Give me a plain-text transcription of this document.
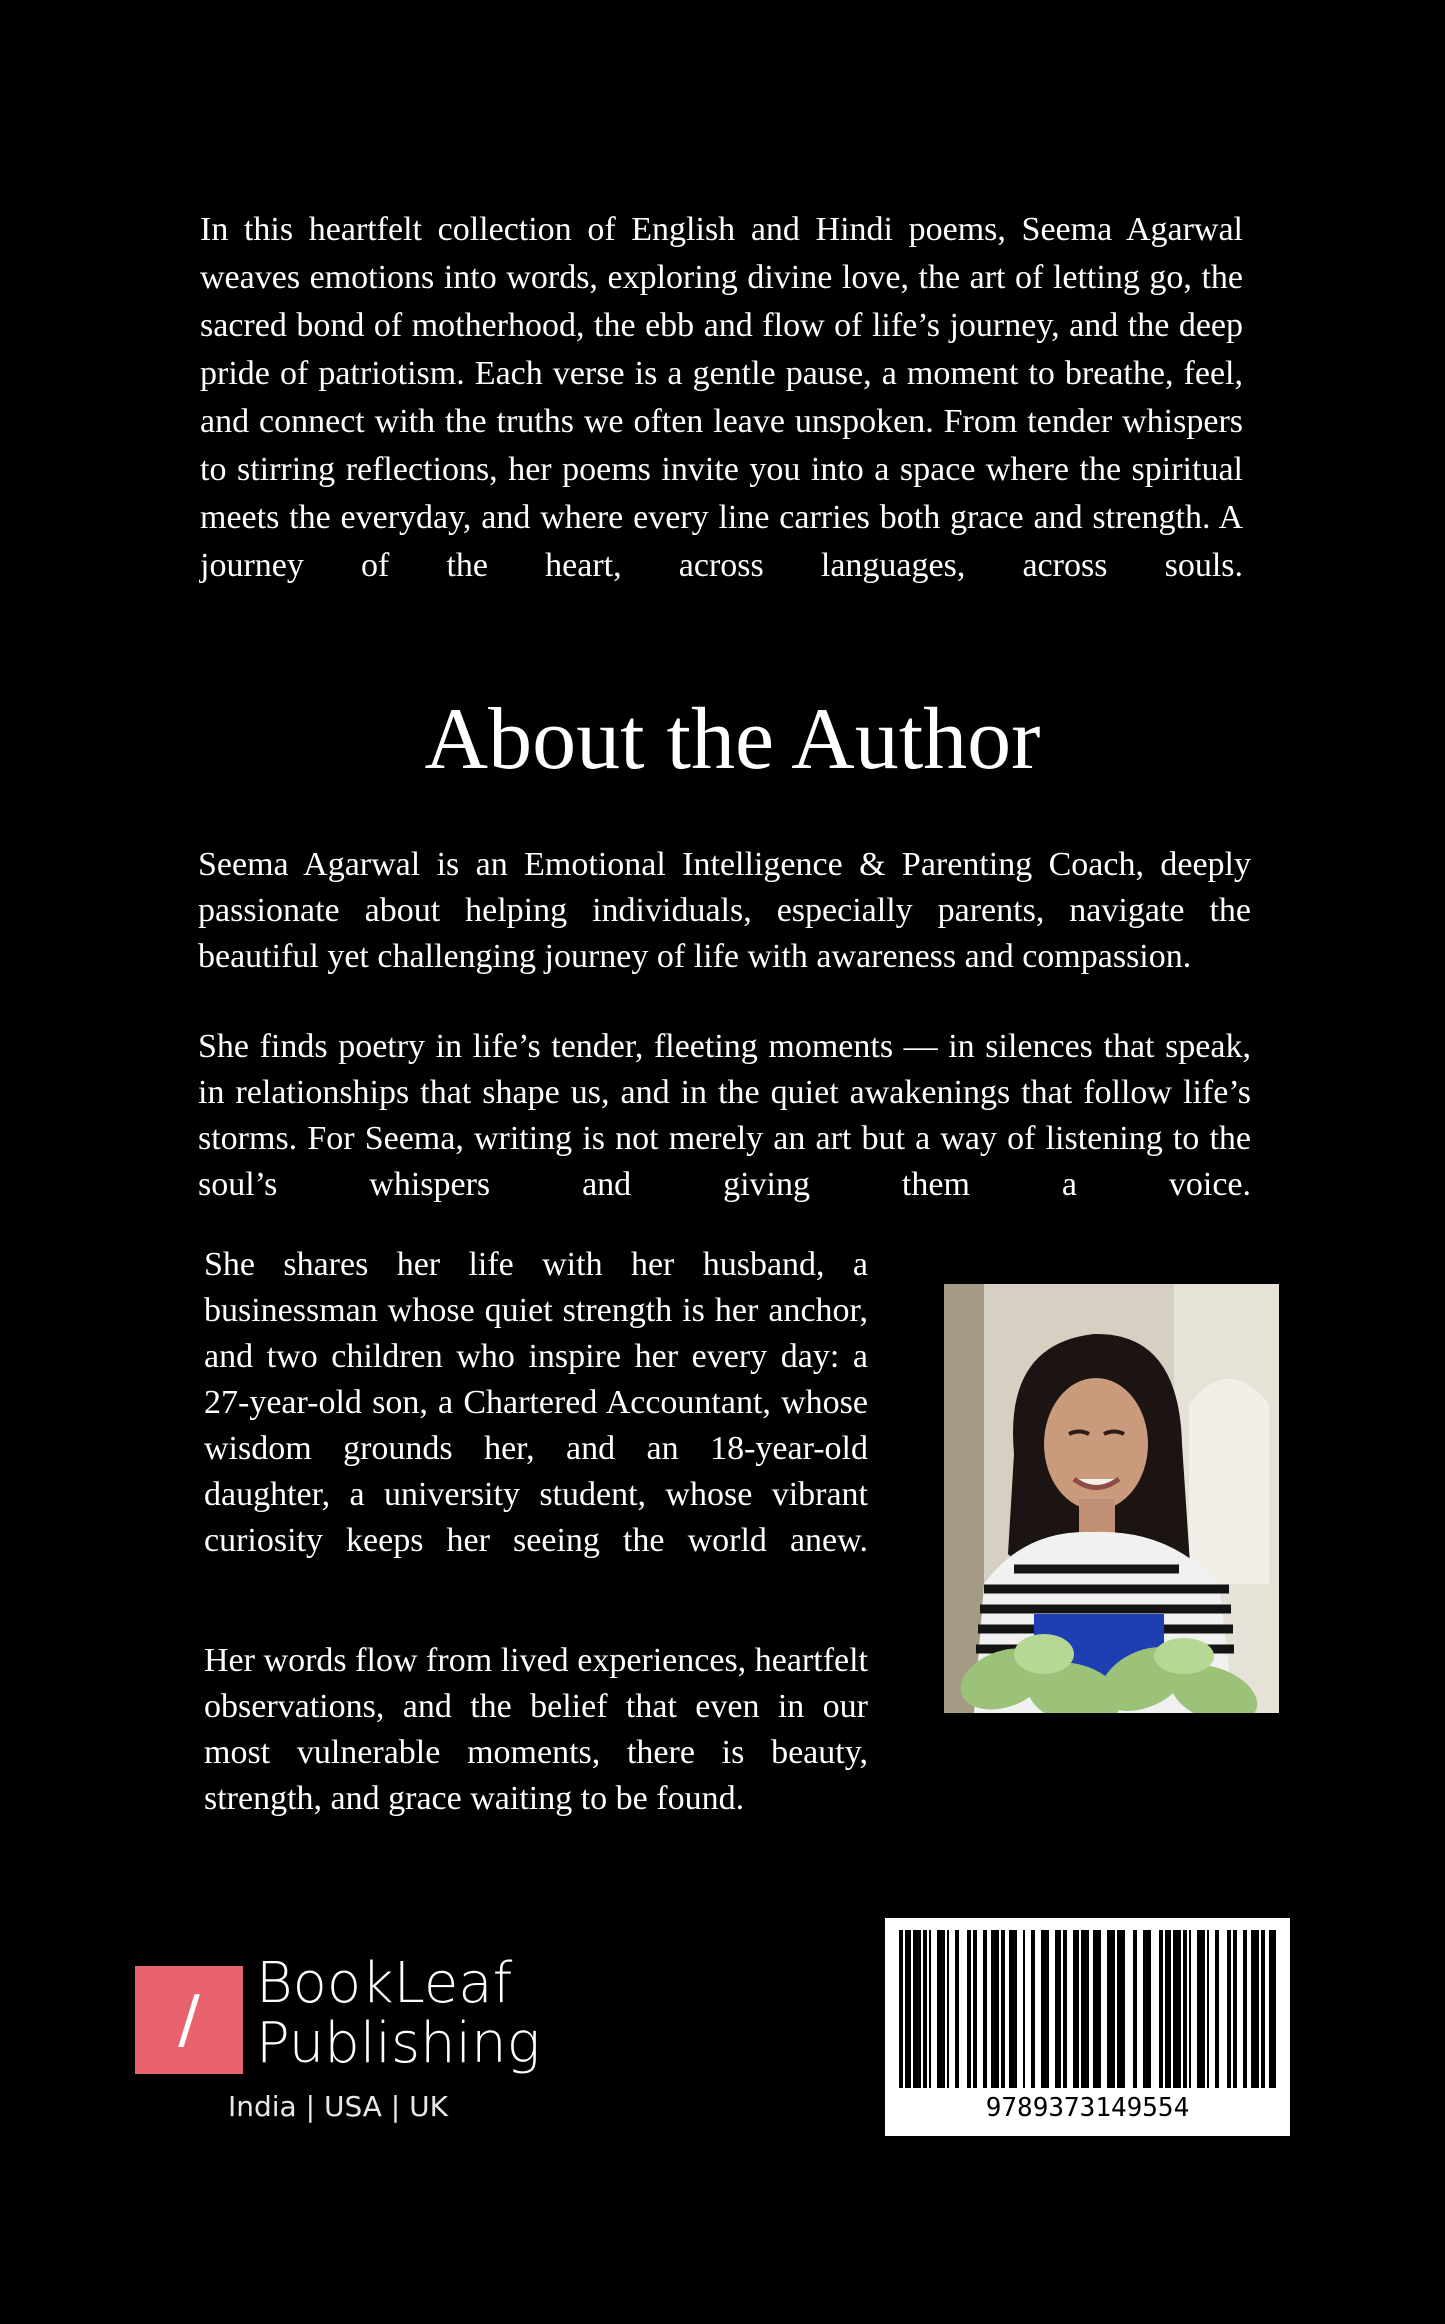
In this heartfelt collection of English and Hindi poems, Seema Agarwal weaves emotions into words, exploring divine love, the art of letting go, the sacred bond of motherhood, the ebb and flow of life’s journey, and the deep pride of patriotism. Each verse is a gentle pause, a moment to breathe, feel, and connect with the truths we often leave unspoken. From tender whispers to stirring reflections, her poems invite you into a space where the spiritual meets the everyday, and where every line carries both grace and strength. A journey of the heart, across languages, across souls.
About the Author
Seema Agarwal is an Emotional Intelligence & Parenting Coach, deeply passionate about helping individuals, especially parents, navigate the beautiful yet challenging journey of life with awareness and compassion.
She finds poetry in life’s tender, fleeting moments — in silences that speak, in relationships that shape us, and in the quiet awakenings that follow life’s storms. For Seema, writing is not merely an art but a way of listening to the soul’s whispers and giving them a voice.
She shares her life with her husband, a businessman whose quiet strength is her anchor, and two children who inspire her every day: a 27-year-old son, a Chartered Accountant, whose wisdom grounds her, and an 18-year-old daughter, a university student, whose vibrant curiosity keeps her seeing the world anew.
Her words flow from lived experiences, heartfelt observations, and the belief that even in our most vulnerable moments, there is beauty, strength, and grace waiting to be found.
/	BookLeaf
Publishing
India | USA | UK	9789373149554
